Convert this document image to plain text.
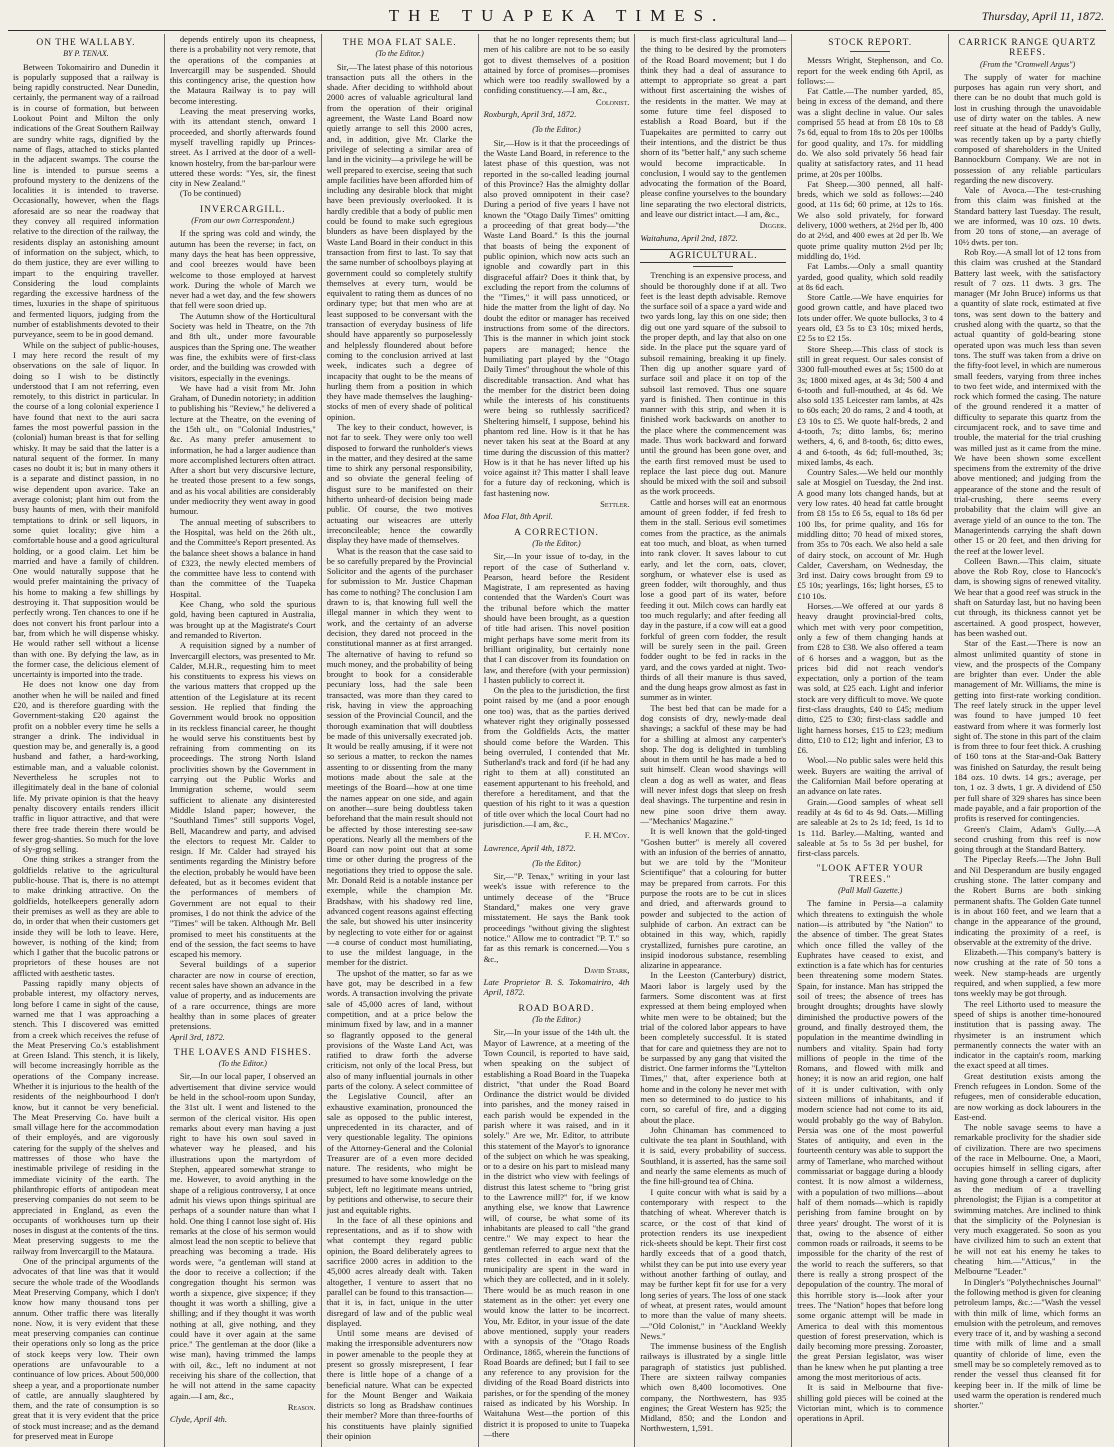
THE TUAPEKA TIMES.	Thursday, April 11, 1872.
ON THE WALLABY.
BY P. TENAX.

Between Tokomairiro and Dunedin it is popularly supposed that a railway is being rapidly constructed. Near Dunedin, certainly, the permanent way of a railroad is in course of formation, but between Lookout Point and Milton the only indications of the Great Southern Railway are sundry white rags, dignified by the name of flags, attached to sticks planted in the adjacent swamps. The course the line is intended to pursue seems a profound mystery to the denizens of the localities it is intended to traverse. Occasionally, however, when the flags aforesaid are so near the roadway that they convey all required information relative to the direction of the railway, the residents display an astonishing amount of information on the subject, which, to do them justice, they are ever willing to impart to the enquiring traveller. Considering the loud complaints regarding the excessive hardness of the times, luxuries in the shape of spirituous and fermented liquors, judging from the number of establishments devoted to their purveyance, seem to be in good demand.

While on the subject of public-houses, I may here record the result of my observations on the sale of liquor. In doing so I wish to be distinctly understood that I am not referring, even remotely, to this district in particular. In the course of a long colonial experience I have found that next to the auri sacra fames the most powerful passion in the (colonial) human breast is that for selling whisky. It may be said that the latter is a natural sequent of the former. In many cases no doubt it is; but in many others it is a separate and distinct passion, in no wise dependent upon avarice. Take an average colonist; plant him out from the busy haunts of men, with their manifold temptations to drink or sell liquors, in some quiet locality; give him a comfortable house and a good agricultural holding, or a good claim. Let him be married and have a family of children. One would naturally suppose that he would prefer maintaining the privacy of his home to making a few shillings by destroying it. That supposition would be perfectly wrong. Ten chances to one if he does not convert his front parlour into a bar, from which he will dispense whisky. He would rather sell without a license than with one. By defying the law, as in the former case, the delicious element of uncertainty is imported into the trade.

He does not know one day from another when he will be nailed and fined £20, and is therefore guarding with the Government-staking £20 against the profit on a nobbler every time he sells a stranger a drink. The individual in question may be, and generally is, a good husband and father, a hard-working, estimable man, and a valuable colonist. Nevertheless he scruples not to illegitimately deal in the bane of colonial life. My private opinion is that the heavy penalty discovery entails renders illicit traffic in liquor attractive, and that were there free trade therein there would be fewer grog-shanties. So much for the love of sly-grog selling.

One thing strikes a stranger from the goldfields relative to the agricultural public-house. That is, there is no attempt to make drinking attractive. On the goldfields, hotelkeepers generally adorn their premises as well as they are able to do, in order that when their customers get inside they will be loth to leave. Here, however, is nothing of the kind; from which I gather that the bucolic patrons or proprietors of these houses are not afflicted with aesthetic tastes.

Passing rapidly many objects of probable interest, my olfactory nerves, long before I came in sight of the cause, warned me that I was approaching a stench. This I discovered was emitted from a creek which receives the refuse of the Meat Preserving Co.'s establishment at Green Island. This stench, it is likely, will become increasingly horrible as the operations of the Company increase. Whether it is injurious to the health of the residents of the neighbourhood I don't know, but it cannot be very beneficial. The Meat Preserving Co. have built a small village here for the accommodation of their employés, and are vigorously catering for the supply of the shelves and mattresses of those who have the inestimable privilege of residing in the immediate vicinity of the earth. The philanthropic efforts of antipodean meat preserving companies do not seem to be appreciated in England, as even the occupants of workhouses turn up their noses in disgust at the contents of the tins. Meat preserving suggests to me the railway from Invercargill to the Mataura.

One of the principal arguments of the advocates of that line was that it would secure the whole trade of the Woodlands Meat Preserving Company, which I don't know how many thousand tons per annum. Other traffic there was literally none. Now, it is very evident that these meat preserving companies can continue their operations only so long as the price of stock keeps very low. Their own operations are unfavourable to a continuance of low prices. About 500,000 sheep a year, and a proportionate number of cattle, are annually slaughtered by them, and the rate of consumption is so great that it is very evident that the price of stock must increase; and as the demand for preserved meat in Europe

depends entirely upon its cheapness, there is a probability not very remote, that the operations of the companies at Invercargill may be suspended. Should this contingency arise, the question how the Mataura Railway is to pay will become interesting.

Leaving the meat preserving works, with its attendant stench, onward I proceeded, and shortly afterwards found myself travelling rapidly up Princes-street. As I arrived at the door of a well-known hostelry, from the bar-parlour were uttered these words: "Yes, sir, the finest city in New Zealand."

(To be continued)

INVERCARGILL.
(From our own Correspondent.)

If the spring was cold and windy, the autumn has been the reverse; in fact, on many days the heat has been oppressive, and cool breezes would have been welcome to those employed at harvest work. During the whole of March we never had a wet day, and the few showers that fell were soon dried up.

The Autumn show of the Horticultural Society was held in Theatre, on the 7th and 8th ult., under more favourable auspices than the Spring one. The weather was fine, the exhibits were of first-class order, and the building was crowded with visitors, especially in the evenings.

We have had a visit from Mr. John Graham, of Dunedin notoriety; in addition to publishing his "Review," he delivered a lecture at the Theatre, on the evening of the 15th ult., on "Colonial Industries," &c. As many prefer amusement to information, he had a larger audience than more accomplished lecturers often attract. After a short but very discursive lecture, he treated those present to a few songs, and as his vocal abilities are considerably under mediocrity they went away in good humour.

The annual meeting of subscribers to the Hospital, was held on the 26th ult., and the Committee's Report presented. As the balance sheet shows a balance in hand of £323, the newly elected members of the committee have less to contend with than the committee of the Tuapeka Hospital.

Kee Chang, who sold the spurious gold, having been captured in Australia, was brought up at the Magistrate's Court and remanded to Riverton.

A requisition signed by a number of Invercargill electors, was presented to Mr. Calder, M.H.R., requesting him to meet his constituents to express his views on the various matters that cropped up the attention of the Legislature at its recent session. He replied that finding the Government would brook no opposition in its reckless financial career, he thought he would serve his constituents best by refraining from commenting on its proceedings. The strong North Island proclivities shown by the Government in carrying out the Public Works and Immigration scheme, would seem sufficient to alienate any disinterested Middle Island paper; however, the "Southland Times" still supports Vogel, Bell, Macandrew and party, and advised the electors to request Mr. Calder to resign. If Mr. Calder had strayed his sentiments regarding the Ministry before the election, probably he would have been defeated, but as it becomes evident that the performances of members of Government are not equal to their promises, I do not think the advice of the "Times" will be taken. Although Mr. Bell promised to meet his constituents at the end of the session, the fact seems to have escaped his memory.

Several buildings of a superior character are now in course of erection, recent sales have shown an advance in the value of property, and as inducements are of a rare occurrence, things are more healthy than in some places of greater pretensions.

April 3rd, 1872.
THE LOAVES AND FISHES.
(To the Editor.)

Sir,—In our local paper, I observed an advertisement that divine service would be held in the school-room upon Sunday, the 31st ult. I went and listened to the sermon of the clerical visitor. His open remarks about every man having a just right to have his own soul saved in whatever way he pleased, and his illustrations upon the martyrdom of Stephen, appeared somewhat strange to me. However, to avoid anything in the shape of a religious controversy, I at once admit his views upon things spiritual are perhaps of a sounder nature than what I hold. One thing I cannot lose sight of. His remarks at the close of his sermon would almost lead the non sceptic to believe that preaching was becoming a trade. His words were, "a gentleman will stand at the door to receive a collection; if the congregation thought his sermon was worth a sixpence, give sixpence; if they thought it was worth a shilling, give a shilling; and if they thought it was worth nothing at all, give nothing, and they could have it over again at the same price." The gentleman at the door (like a wise man), having trimmed the lamps with oil, &c., left no indument at not receiving his share of the collection, that he will not attend in the same capacity again.—I am, &c.,

Reason.
Clyde, April 4th.
THE MOA FLAT SALE.
(To the Editor.)

Sir,—The latest phase of this notorious transaction puts all the others in the shade. After deciding to withhold about 2000 acres of valuable agricultural land from the operation of their original agreement, the Waste Land Board now quietly arrange to sell this 2000 acres, and, in addition, give Mr. Clarke the privilege of selecting a similar area of land in the vicinity—a privilege he will be well prepared to exercise, seeing that such ample facilities have been afforded him of including any desirable block that might have been previously overlooked. It is hardly credible that a body of public men could be found to make such egregious blunders as have been displayed by the Waste Land Board in their conduct in this transaction from first to last. To say that the same number of schoolboys playing at government could so completely stultify themselves at every turn, would be equivalent to rating them as dunces of no ordinary type; but that men who are at least supposed to be conversant with the transaction of everyday business of life should have apparently so purposelessly and helplessly floundered about before coming to the conclusion arrived at last week, indicates such a degree of incapacity that ought to be the means of hurling them from a position in which they have made themselves the laughing-stocks of men of every shade of political opinion.

The key to their conduct, however, is not far to seek. They were only too well disposed to forward the runholder's views in the matter, and they desired at the same time to shirk any personal responsibility, and so obviate the general feeling of disgust sure to be manifested on their hitherto unheard-of decision being made public. Of course, the two motives actuating our wiseacres are utterly irreconcileable; hence the cowardly display they have made of themselves.

What is the reason that the case said to be so carefully prepared by the Provincial Solicitor and the agents of the purchaser for submission to Mr. Justice Chapman has come to nothing? The conclusion I am drawn to is, that knowing full well the illegal manner in which they went to work, and the certainty of an adverse decision, they dared not proceed in the constitutional manner as at first arranged. The alternative of having to refund so much money, and the probability of being brought to book for a considerable pecuniary loss, had the sale been transacted, was more than they cared to risk, having in view the approaching session of the Provincial Council, and the thorough examination that will doubtless be made of this universally execrated job. It would be really amusing, if it were not so serious a matter, to reckon the names assenting to or dissenting from the many motions made about the sale at the meetings of the Board—how at one time the names appear on one side, and again on another—sure being doubtless taken beforehand that the main result should not be affected by those interesting see-saw operations. Nearly all the members of the Board can now point out that at some time or other during the progress of the negotiations they tried to oppose the sale. Mr. Donald Reid is a notable instance per exemple, while the champion Mr. Bradshaw, with his shadowy red line, advanced cogent reasons against effecting the sale, but showed his utter insincerity by neglecting to vote either for or against—a course of conduct most humiliating, to use the mildest language, in the member for the district.

The upshot of the matter, so far as we have got, may be described in a few words. A transaction involving the private sale of 45,000 acres of land, without competition, and at a price below the minimum fixed by law, and in a manner so flagrantly opposed to the general provisions of the Waste Land Act, was ratified to draw forth the adverse criticism, not only of the local Press, but also of many influential journals in other parts of the colony. A select committee of the Legislative Council, after an exhaustive examination, pronounced the sale as opposed to the public interest, unprecedented in its character, and of very questionable legality. The opinions of the Attorney-General and the Colonial Treasurer are of a even more decided nature. The residents, who might be presumed to have some knowledge on the subject, left no legitimate means untried, by petitions and otherwise, to secure their just and equitable rights.

In the face of all these opinions and representations, and as if to show with what contempt they regard public opinion, the Board deliberately agrees to sacrifice 2000 acres in addition to the 45,000 acres already dealt with. Taken altogether, I venture to assert that no parallel can be found to this transaction—that it is, in fact, unique in the utter disregard of law and of the public weal displayed.

Until some means are devised of making the irresponsible adventurers now in power amenable to the people they at present so grossly misrepresent, I fear there is little hope of a change of a beneficial nature. What can be expected for the Mount Benger and Waikaia districts so long as Bradshaw continues their member? More than three-fourths of his constituents have plainly signified their opinion

that he no longer represents them; but men of his calibre are not to be so easily got to divest themselves of a position attained by force of promises—promises which were too readily swallowed by a confiding constituency.—I am, &c.,

Colonist.
Roxburgh, April 3rd, 1872.
(To the Editor.)

Sir,—How is it that the proceedings of the Waste Land Board, in reference to the latest phase of this question, was not reported in the so-called leading journal of this Province? Has the almighty dollar also proved omnipotent in their case? During a period of five years I have not known the "Otago Daily Times" omitting a proceeding of that great body—"the Waste Land Board." Is this the journal that boasts of being the exponent of public opinion, which now acts such an ignoble and cowardly part in this disgraceful affair? Does it think that, by excluding the report from the columns of the "Times," it will pass unnoticed, or hide the matter from the light of day. No doubt the editor or manager has received instructions from some of the directors. This is the manner in which joint stock papers are managed; hence the humiliating part played by the "Otago Daily Times" throughout the whole of this discreditable transaction. And what has the member for the district been doing while the interests of his constituents were being so ruthlessly sacrificed? Sheltering himself, I suppose, behind his phantom red line. How is it that he has never taken his seat at the Board at any time during the discussion of this matter? How is it that he has never lifted up his voice against it? This matter I shall leave for a future day of reckoning, which is fast hastening now.

Settler.
Moa Flat, 8th April.
A CORRECTION.
(To the Editor.)

Sir,—In your issue of to-day, in the report of the case of Sutherland v. Pearson, heard before the Resident Magistrate, I am represented as having contended that the Warden's Court was the tribunal before which the matter should have been brought, as a question of title had arisen. This novel position might perhaps have some merit from its brilliant originality, but certainly none that I can discover from its foundation on law, and therefore (with your permission) I hasten publicly to correct it.

On the plea to the jurisdiction, the first point raised by me (and a poor enough one too) was, that as the parties derived whatever right they originally possessed from the Goldfields Acts, the matter should come before the Warden. This being overruled, I contended that Mr. Sutherland's track and ford (if he had any right to them at all) constituted an easement appurtenant to his freehold, and therefore a hereditament, and that the question of his right to it was a question of title over which the local Court had no jurisdiction.—I am, &c.,

F. H. M'Coy.
Lawrence, April 4th, 1872.
(To the Editor.)

Sir,—"P. Tenax," writing in your last week's issue with reference to the untimely decease of the "Bruce Standard," makes one very grave misstatement. He says the Bank took proceedings "without giving the slightest notice." Allow me to contradict "P. T." so far as this remark is concerned.—You s &c.,

David Stark,
Late Proprietor B. S. Tokomairiro, 4th April, 1872.
ROAD BOARD.
(To the Editor.)

Sir,—In your issue of the 14th ult. the Mayor of Lawrence, at a meeting of the Town Council, is reported to have said, when speaking on the subject of establishing a Road Board in the Tuapeka district, "that under the Road Board Ordinance the district would be divided into parishes, and the money raised in each parish would be expended in the parish where it was raised, and in it solely." Are we, Mr. Editor, to attribute this statement of the Mayor's to ignorance of the subject on which he was speaking, or to a desire on his part to mislead many in the district who view with feelings of distrust this latest scheme to "bring grist to the Lawrence mill?" for, if we know anything else, we know that Lawrence will, of course, be what some of its inhabitants are pleased to call "the grand centre." We may expect to hear the gentleman referred to argue next that the rates collected in each ward of the municipality are spent in the ward in which they are collected, and in it solely. There would be as much reason in one statement as in the other: yet every one would know the latter to be incorrect. You, Mr. Editor, in your issue of the date above mentioned, supply your readers with a synopsis of the "Otago Roads Ordinance, 1865, wherein the functions of Road Boards are defined; but I fail to see any reference to any provision for the dividing of the Road Board districts into parishes, or for the spending of the money raised as indicated by his Worship. In Waitahuna West—the portion of this district it is proposed to unite to Tuapeka—there

is much first-class agricultural land—the thing to be desired by the promoters of the Road Board movement; but I do think they had a deal of assurance to attempt to appropriate so great a part without first ascertaining the wishes of the residents in the matter. We may at some future time feel disposed to establish a Road Board, but if the Tuapekaites are permitted to carry out their intentions, and the district be thus shorn of its "better half," any such scheme would become impracticable. In conclusion, I would say to the gentlemen advocating the formation of the Board, please confine yourselves to the boundary line separating the two electoral districts, and leave our district intact.—I am, &c.,

Digger.
Waitahuna, April 2nd, 1872.
AGRICULTURAL.

Trenching is an expensive process, and should be thoroughly done if at all. Two feet is the least depth advisable. Remove the surface soil of a space a yard wide and two yards long, lay this on one side; then dig out one yard square of the subsoil to the proper depth, and lay that also on one side. In the place put the square yard of subsoil remaining, breaking it up finely. Then dig up another square yard of surface soil and place it on top of the subsoil last removed. Thus one square yard is finished. Then continue in this manner with this strip, and when it is finished work backwards on another to the place where the commencement was made. Thus work backward and forward until the ground has been gone over, and the earth first removed must be used to replace the last piece dug out. Manure should be mixed with the soil and subsoil as the work proceeds.

Cattle and horses will eat an enormous amount of green fodder, if fed fresh to them in the stall. Serious evil sometimes comes from the practice, as the animals eat too much, and bloat, as when turned into rank clover. It saves labour to cut early, and let the corn, oats, clover, sorghum, or whatever else is used as green fodder, wilt thoroughly, and thus lose a good part of its water, before feeding it out. Milch cows can hardly eat too much regularly; and after feeding all day in the pasture, if a cow will eat a good forkful of green corn fodder, the result will be surely seen in the pail. Green fodder ought to be fed in racks in the yard, and the cows yarded at night. Two-thirds of all their manure is thus saved, and the dung heaps grow almost as fast in summer as in winter.

The best bed that can be made for a dog consists of dry, newly-made deal shavings; a sackful of these may be had for a shilling at almost any carpenter's shop. The dog is delighted in tumbling about in them until he has made a bed to suit himself. Clean wood shavings will clean a dog as well as water, and fleas will never infest dogs that sleep on fresh deal shavings. The turpentine and resin in new pine soon drive them away.—"Mechanics' Magazine."

It is well known that the gold-tinged "Goshen butter" is merely all covered with an infusion of the berries of annatto, but we are told by the "Moniteur Scientifique" that a colouring for butter may be prepared from carrots. For this purpose the roots are to be cut in slices and dried, and afterwards ground to powder and subjected to the action of sulphide of carbon. An extract can be obtained in this way, which, rapidly crystallized, furnishes pure carotine, an insipid inodorous substance, resembling alizarine in appearance.

In the Leeston (Canterbury) district, Maori labor is largely used by the farmers. Some discontent was at first expressed at them being employed when white men were to be obtained; but the trial of the colored labor appears to have been completely successful. It is stated that for care and quietness they are not to be surpassed by any gang that visited the district. One farmer informs the "Lyttelton Times," that, after experience both at home and in the colony he never met with men so determined to do justice to his corn, so careful of fire, and a digging about the place.

John Chinaman has commenced to cultivate the tea plant in Southland, with it is said, every probability of success. Southland, it is asserted, has the same soil and nearly the same elements as much of the fine hill-ground tea of China.

I quite concur with what is said by a contemporary with respect to the thatching of wheat. Wherever thatch is scarce, or the cost of that kind of protection renders its use inexpedient rick-sheets should be kept. Their first cost hardly exceeds that of a good thatch, whilst they can be put into use every year without another farthing of outlay, and may be further kept fit for use for a very long series of years. The loss of one stack of wheat, at present rates, would amount to more than the value of many sheets.—"Old Colonist," in "Auckland Weekly News."

The immense business of the English railways is illustrated by a single little paragraph of statistics just published. There are sixteen railway companies which own 8,400 locomotives. One company, the Northwestern, has 935 engines; the Great Western has 925; the Midland, 850; and the London and Northwestern, 1,591.

STOCK REPORT.

Messrs Wright, Stephenson, and Co. report for the week ending 6th April, as follows:—

Fat Cattle.—The number yarded, 85, being in excess of the demand, and there was a slight decline in value. Our sales comprised 55 head at from £8 10s to £8 7s 6d, equal to from 18s to 20s per 100lbs for good quality, and 17s. for middling do. We also sold privately 56 head fair quality at satisfactory rates, and 11 head prime, at 20s per 100lbs.

Fat Sheep.—300 penned, all half-breds, which we sold as follows:—240 good, at 11s 6d; 60 prime, at 12s to 16s. We also sold privately, for forward delivery, 1000 wethers, at 2½d per lb, 400 do at 2½d, and 400 ewes at 2d per lb. We quote prime quality mutton 2½d per lb; middling do, 1½d.

Fat Lambs.—Only a small quantity yarded, good quality, which sold readily at 8s 6d each.

Store Cattle.—We have enquiries for good grown cattle, and have placed two lots under offer. We quote bullocks, 3 to 4 years old, £3 5s to £3 10s; mixed herds, £2 5s to £2 15s.

Store Sheep.—This class of stock is still in great request. Our sales consist of 3300 full-mouthed ewes at 5s; 1500 do at 3s; 1800 mixed ages, at 4s 3d; 500 4 and 6-tooth and full-mouthed, at 4s 6d. We also sold 135 Leicester ram lambs, at 42s to 60s each; 20 do rams, 2 and 4 tooth, at £3 10s to £5. We quote half-breds, 2 and 4-tooth, 7s; ditto lambs, 6s; merino wethers, 4, 6, and 8-tooth, 6s; ditto ewes, 4 and 6-tooth, 4s 6d; full-mouthed, 3s; mixed lambs, 4s each.

Country Sales.—We held our monthly sale at Mosgiel on Tuesday, the 2nd inst. A good many lots changed hands, but at very low rates. 40 head fat cattle brought from £8 15s to £6 5s, equal to 18s 6d per 100 lbs, for prime quality, and 16s for middling ditto; 70 head of mixed stores, from 35s to 70s each. We also held a sale of dairy stock, on account of Mr. Hugh Calder, Caversham, on Wednesday, the 3rd inst. Dairy cows brought from £9 to £5 10s; yearlings, 16s; light horses, £5 to £10 10s.

Horses.—We offered at our yards 8 heavy draught provincial-bred colts, which met with very poor competition, only a few of them changing hands at from £28 to £38. We also offered a team of 6 horses and a waggon, but as the prices bid did not reach vendor's expectation, only a portion of the team was sold, at £25 each. Light and inferior stock are very difficult to move. We quote first-class draughts, £40 to £45; medium ditto, £25 to £30; first-class saddle and light harness horses, £15 to £23; medium ditto, £10 to £12; light and inferior, £3 to £6.

Wool.—No public sales were held this week. Buyers are waiting the arrival of the Californian Mail before operating at an advance on late rates.

Grain.—Good samples of wheat sell readily at 4s 6d to 4s 9d. Oats.—Milling are saleable at 2s to 2s 1d; feed, 1s 1d to 1s 11d. Barley.—Malting, wanted and saleable at 5s to 5s 3d per bushel, for first-class parcels.

"LOOK AFTER YOUR TREES."
(Pall Mall Gazette.)

The famine in Persia—a calamity which threatens to extinguish the whole nation—is attributed by "the Nation" to the absence of timber. The great States which once filled the valley of the Euphrates have ceased to exist, and extinction is a fate which has for centuries been threatening some modern States. Spain, for instance. Man has stripped the soil of trees; the absence of trees has brought droughts; droughts have slowly diminished the productive powers of the ground, and finally destroyed them, the population in the meantime dwindling in numbers and vitality. Spain had forty millions of people in the time of the Romans, and flowed with milk and honey; it is now an arid region, one half of it is under cultivation, with only sixteen millions of inhabitants, and if modern science had not come to its aid, would probably go the way of Babylon. Persia was one of the most powerful States of antiquity, and even in the fourteenth century was able to support the army of Tamerlane, who marched without commissariat or baggage during a bloody contest. It is now almost a wilderness, with a population of two millions—about half of them nomads—which is rapidly perishing from famine brought on by three years' drought. The worst of it is that, owing to the absence of either common roads or railroads, it seems to be impossible for the charity of the rest of the world to reach the sufferers, so that there is really a strong prospect of the depopulation of the country. The moral of this horrible story is—look after your trees. The "Nation" hopes that before long some organic attempt will be made in America to deal with this momentous question of forest preservation, which is daily becoming more pressing. Zoroaster, the great Persian legislator, was wiser than he knew when he put planting a tree among the most meritorious of acts.

It is said in Melbourne that five-shilling gold pieces will be coined at the Victorian mint, which is to commence operations in April.

CARRICK RANGE QUARTZ REEFS.
(From the "Cromwell Argus")

The supply of water for machine purposes has again run very short, and there can be no doubt that much gold is lost in crushing through the unavoidable use of dirty water on the tables. A new reef situate at the head of Paddy's Gully, was recently taken up by a party chiefly composed of shareholders in the United Bannockburn Company. We are not in possession of any reliable particulars regarding the new discovery.

Vale of Avoca.—The test-crushing from this claim was finished at the Standard battery last Tuesday. The result, we are informed, was 10 ozs. 10 dwts. from 20 tons of stone,—an average of 10½ dwts. per ton.

Rob Roy.—A small lot of 12 tons from this claim was crushed at the Standard Battery last week, with the satisfactory result of 7 ozs. 11 dwts. 3 grs. The manager (Mr John Bruce) informs us that a quantity of slate rock, estimated at five tons, was sent down to the battery and crushed along with the quartz, so that the actual quantity of gold-bearing stone operated upon was much less than seven tons. The stuff was taken from a drive on the fifty-foot level, in which are numerous small feeders, varying from three inches to two feet wide, and intermixed with the rock which formed the casing. The nature of the ground rendered it a matter of difficulty to separate this quartz from the circumjacent rock, and to save time and trouble, the material for the trial crushing was milled just as it came from the mine. We have been shown some excellent specimens from the extremity of the drive above mentioned; and judging from the appearance of the stone and the result of trial-crushing, there seems every probability that the claim will give an average yield of an ounce to the ton. The Managerintends carrying the shaft down other 15 or 20 feet, and then driving for the reef at the lower level.

Colleen Bawn.—This claim, situate above the Rob Roy, close to Hancock's dam, is showing signs of renewed vitality. We hear that a good reef was struck in the shaft on Saturday last, but no having been cut through, its thickness cannot yet be ascertained. A good prospect, however, has been washed out.

Star of the East.—There is now an almost unlimited quantity of stone in view, and the prospects of the Company are brighter than ever. Under the able management of Mr. Williams, the mine is getting into first-rate working condition. The reef lately struck in the upper level was found to have jumped 10 feet eastward from where it was formerly lost sight of. The stone in this part of the claim is from three to four feet thick. A crushing of 160 tons at the Star-and-Oak Battery was finished on Saturday, the result being 184 ozs. 10 dwts. 14 grs.; average, per ton, 1 oz. 3 dwts, 1 gr. A dividend of £50 per full share of 329 shares has since been made payable, and a fair proportion of the profits is reserved for contingencies.

Green's Claim, Adam's Gully.—A second crushing from this reef is now going through at the Standard Battery.

The Pipeclay Reefs.—The John Bull and Nil Desperandum are busily engaged crushing stone. The latter company and the Robert Burns are both sinking permanent shafts. The Golden Gate tunnel is in about 160 feet, and we learn that a change in the appearance of the ground, indicating the proximity of a reef, is observable at the extremity of the drive.

Elizabeth.—This company's battery is now crushing at the rate of 50 tons a week. New stamp-heads are urgently required, and when supplied, a few more tons weekly may be got through.

The reel Lithorto used to measure the speed of ships is another time-honoured institution that is passing away. The rhysimeter is an instrument which permanently connects the water with an indicator in the captain's room, marking the exact speed at all times.

Great destitution exists among the French refugees in London. Some of the refugees, men of considerable education, are now working as dock labourers in the East-end.

The noble savage seems to have a remarkable proclivity for the shadier side of civilization. There are two specimens of the race in Melbourne. One, a Maori, occupies himself in selling cigars, after having gone through a career of duplicity as the medium of a travelling phrenologist; the Fijian is a competitor at swimming matches. Are inclined to think that the simplicity of the Polynesian is very much exaggerated. So soon as you have civilized him to such an extent that he will not eat his enemy he takes to cheating him.—"Atticus," in the Melbourne "Leader."

In Dingler's "Polythechnisches Journal" the following method is given for cleaning petroleum lamps, &c.:—"Wash the vessel with thin milk of lime, which forms an emulsion with the petroleum, and removes every trace of it, and by washing a second time with milk of lime and a small quantity of chloride of lime, even the smell may be so completely removed as to render the vessel thus cleansed fit for keeping beer in. If the milk of lime be used warm the operation is rendered much shorter."
